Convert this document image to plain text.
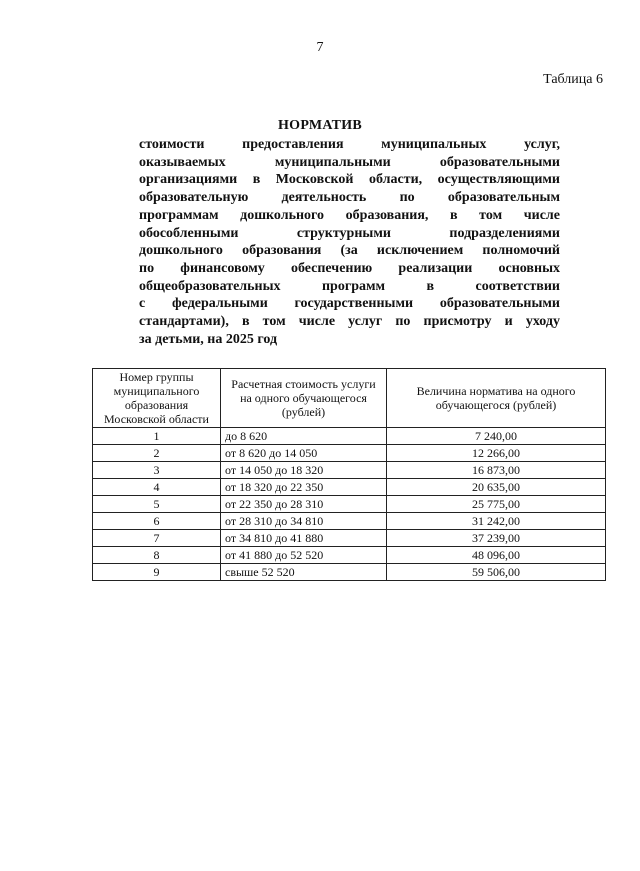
7
Таблица 6
НОРМАТИВ

стоимости предоставления муниципальных услуг,
оказываемых муниципальными образовательными
организациями в Московской области, осуществляющими
образовательную деятельность по образовательным
программам дошкольного образования, в том числе
обособленными структурными подразделениями
дошкольного образования (за исключением полномочий
по финансовому обеспечению реализации основных
общеобразовательных программ в соответствии
с федеральными государственными образовательными
стандартами), в том числе услуг по присмотру и уходу
за детьми, на 2025 год

Номер группы муниципального образования Московской области	Расчетная стоимость услуги на одного обучающегося (рублей)	Величина норматива на одного обучающегося (рублей)
1	до 8 620	7 240,00
2	от 8 620 до 14 050	12 266,00
3	от 14 050 до 18 320	16 873,00
4	от 18 320 до 22 350	20 635,00
5	от 22 350 до 28 310	25 775,00
6	от 28 310 до 34 810	31 242,00
7	от 34 810 до 41 880	37 239,00
8	от 41 880 до 52 520	48 096,00
9	свыше 52 520	59 506,00
